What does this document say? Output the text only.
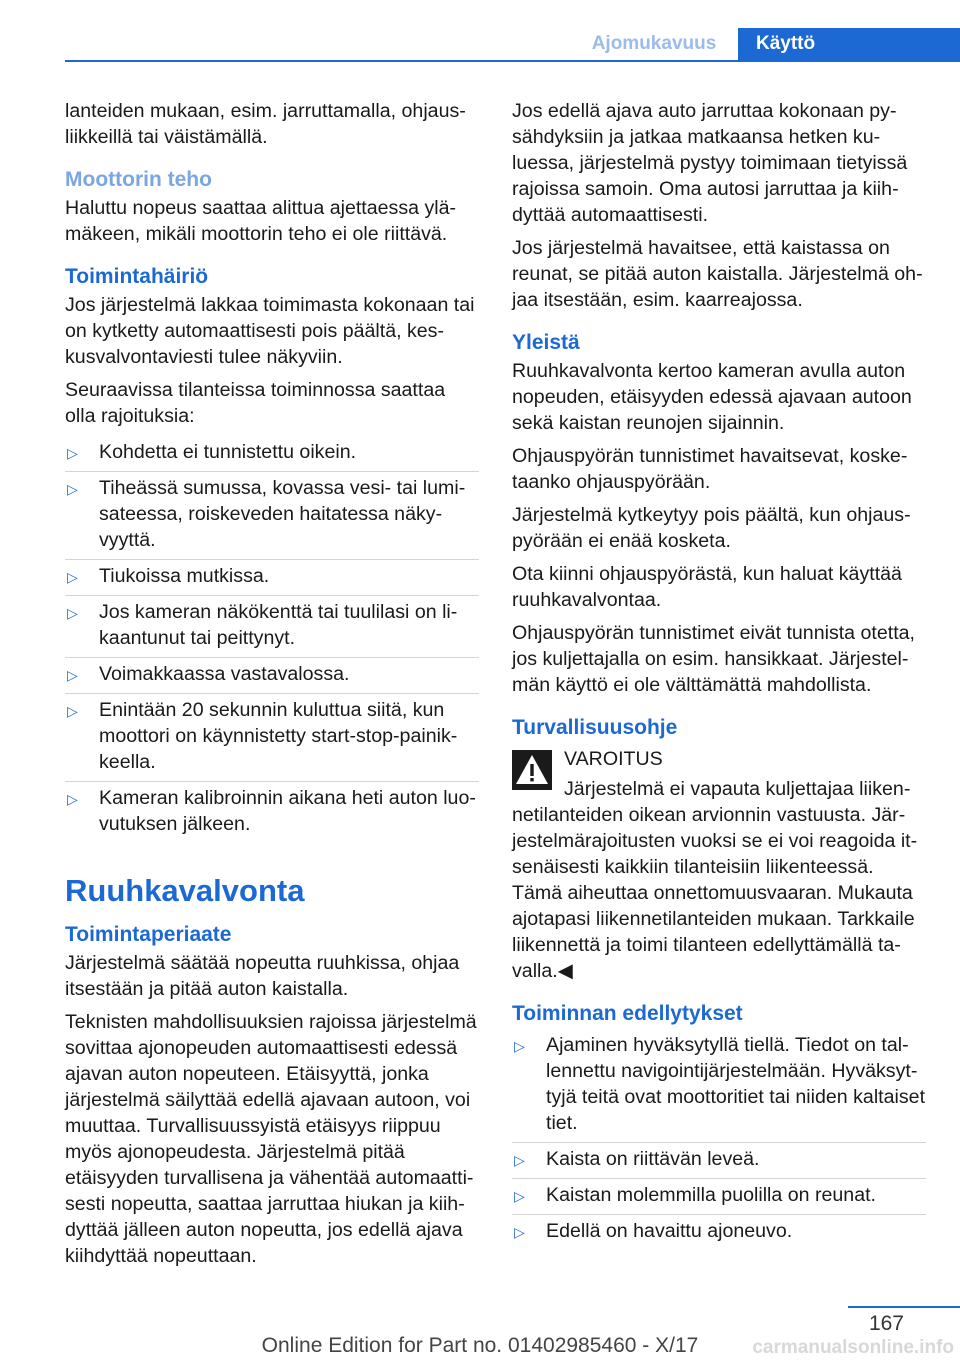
Ajomukavuus	Käyttö

lanteiden mukaan, esim. jarruttamalla, ohjausliikkeillä tai väistämällä.

Moottorin teho

Haluttu nopeus saattaa alittua ajettaessa ylämäkeen, mikäli moottorin teho ei ole riittävä.

Toimintahäiriö

Jos järjestelmä lakkaa toimimasta kokonaan tai on kytketty automaattisesti pois päältä, keskusvalvontaviesti tulee näkyviin.

Seuraavissa tilanteissa toiminnossa saattaa olla rajoituksia:

▷	Kohdetta ei tunnistettu oikein.
▷	Tiheässä sumussa, kovassa vesi- tai lumisateessa, roiskeveden haitatessa näkyvyyttä.
▷	Tiukoissa mutkissa.
▷	Jos kameran näkökenttä tai tuulilasi on likaantunut tai peittynyt.
▷	Voimakkaassa vastavalossa.
▷	Enintään 20 sekunnin kuluttua siitä, kun moottori on käynnistetty start-stop-painikkeella.
▷	Kameran kalibroinnin aikana heti auton luovutuksen jälkeen.
Ruuhkavalvonta
Toimintaperiaate

Järjestelmä säätää nopeutta ruuhkissa, ohjaa itsestään ja pitää auton kaistalla.

Teknisten mahdollisuuksien rajoissa järjestelmä sovittaa ajonopeuden automaattisesti edessä ajavan auton nopeuteen. Etäisyyttä, jonka järjestelmä säilyttää edellä ajavaan autoon, voi muuttaa. Turvallisuussyistä etäisyys riippuu myös ajonopeudesta. Järjestelmä pitää etäisyyden turvallisena ja vähentää automaattisesti nopeutta, saattaa jarruttaa hiukan ja kiihdyttää jälleen auton nopeutta, jos edellä ajava kiihdyttää nopeuttaan.

Jos edellä ajava auto jarruttaa kokonaan pysähdyksiin ja jatkaa matkaansa hetken kuluessa, järjestelmä pystyy toimimaan tietyissä rajoissa samoin. Oma autosi jarruttaa ja kiihdyttää automaattisesti.

Jos järjestelmä havaitsee, että kaistassa on reunat, se pitää auton kaistalla. Järjestelmä ohjaa itsestään, esim. kaarreajossa.

Yleistä

Ruuhkavalvonta kertoo kameran avulla auton nopeuden, etäisyyden edessä ajavaan autoon sekä kaistan reunojen sijainnin.

Ohjauspyörän tunnistimet havaitsevat, kosketaanko ohjauspyörään.

Järjestelmä kytkeytyy pois päältä, kun ohjauspyörään ei enää kosketa.

Ota kiinni ohjauspyörästä, kun haluat käyttää ruuhkavalvontaa.

Ohjauspyörän tunnistimet eivät tunnista otetta, jos kuljettajalla on esim. hansikkaat. Järjestelmän käyttö ei ole välttämättä mahdollista.

Turvallisuusohje

VAROITUS

Järjestelmä ei vapauta kuljettajaa liikennetilanteiden oikean arvionnin vastuusta. Järjestelmärajoitusten vuoksi se ei voi reagoida itsenäisesti kaikkiin tilanteisiin liikenteessä. Tämä aiheuttaa onnettomuusvaaran. Mukauta ajotapasi liikennetilanteiden mukaan. Tarkkaile liikennettä ja toimi tilanteen edellyttämällä tavalla.◀

Toiminnan edellytykset
▷	Ajaminen hyväksytyllä tiellä. Tiedot on tallennettu navigointijärjestelmään. Hyväksyttyjä teitä ovat moottoritiet tai niiden kaltaiset tiet.
▷	Kaista on riittävän leveä.
▷	Kaistan molemmilla puolilla on reunat.
▷	Edellä on havaittu ajoneuvo.
167
Online Edition for Part no. 01402985460 - X/17	carmanualsonline.info
